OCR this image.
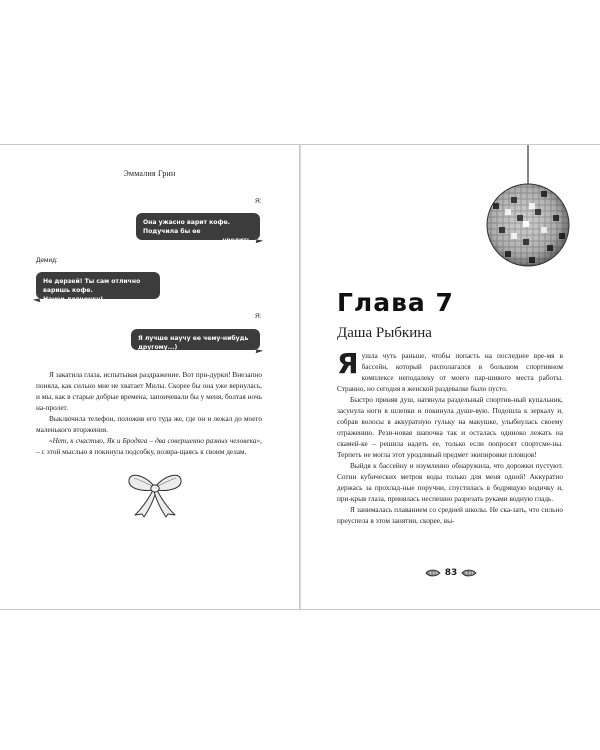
Эммалия Грин
Я:
Она ужасно варит кофе. Подучила бы ее
уволить.
Демид:
Не дерзей! Ты сам отлично варишь кофе.
Научи девчонку!
Я:
Я лучше научу ее чему-нибудь другому...)

Я закатила глаза, испытывая раздражение. Вот при-дурки! Внезапно поняла, как сильно мне не хватает Милы. Скорее бы она уже вернулась, и мы, как в старые добрые времена, запоичевали бы у меня, болтая ночь на-пролет.

Выключила телефон, положив его туда же, где он и лежал до моего маленького вторжения.

«Нет, к счастью, Як и Бродяга – два совершенно разных человека», – с этой мыслью я покинула подсобку, возвра-щаясь к своим делам.

Глава 7
Даша Рыбкина

Яушла чуть раньше, чтобы попасть на последнее вре-мя в бассейн, который располагался в большом спортивном комплексе неподалеку от моего пар-шивого места работы. Странно, но сегодня в женской раздевалке было пусто.

Быстро приняв душ, натянула раздельный спортив-ный купальник, засунула ноги в шлепки и покинула душе-вую. Подошла к зеркалу и, собрав волосы в аккуратную гульку на макушке, улыбнулась своему отражению. Рези-новая шапочка так и осталась одиноко лежать на скамей-ке – решила надеть ее, только если попросят спортсме-ны. Терпеть не могла этот уродливый предмет экипировки пловцов!

Выйдя к бассейну и изумленно обнаружила, что дорожки пустуют. Сотни кубических метров воды только для меня одной! Аккуратно держась за прохлад-ные поручни, спустилась в бодрящую водичку и, при-крыв глаза, принялась неспешно разрезать руками водную гладь.

Я занималась плаванием со средней школы. Не ска-зать, что сильно преуспела в этом занятии, скорее, вы-

83
